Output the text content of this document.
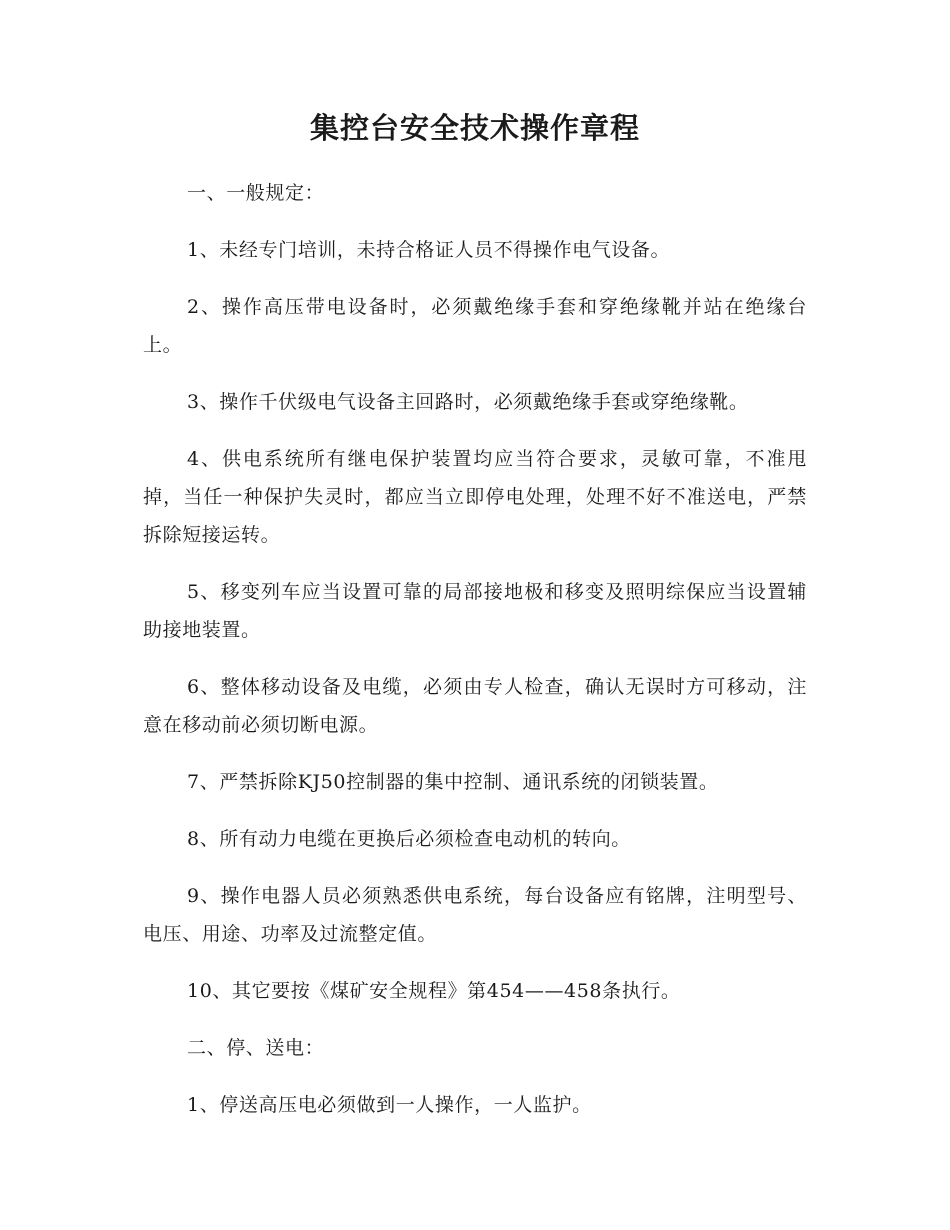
集控台安全技术操作章程

一、一般规定：

1、未经专门培训，未持合格证人员不得操作电气设备。

2、操作高压带电设备时，必须戴绝缘手套和穿绝缘靴并站在绝缘台上。

3、操作千伏级电气设备主回路时，必须戴绝缘手套或穿绝缘靴。

4、供电系统所有继电保护装置均应当符合要求，灵敏可靠，不准甩掉，当任一种保护失灵时，都应当立即停电处理，处理不好不准送电，严禁拆除短接运转。

5、移变列车应当设置可靠的局部接地极和移变及照明综保应当设置辅助接地装置。

6、整体移动设备及电缆，必须由专人检查，确认无误时方可移动，注意在移动前必须切断电源。

7、严禁拆除KJ50控制器的集中控制、通讯系统的闭锁装置。

8、所有动力电缆在更换后必须检查电动机的转向。

9、操作电器人员必须熟悉供电系统，每台设备应有铭牌，注明型号、电压、用途、功率及过流整定值。

10、其它要按《煤矿安全规程》第454——458条执行。

二、停、送电：

1、停送高压电必须做到一人操作，一人监护。
